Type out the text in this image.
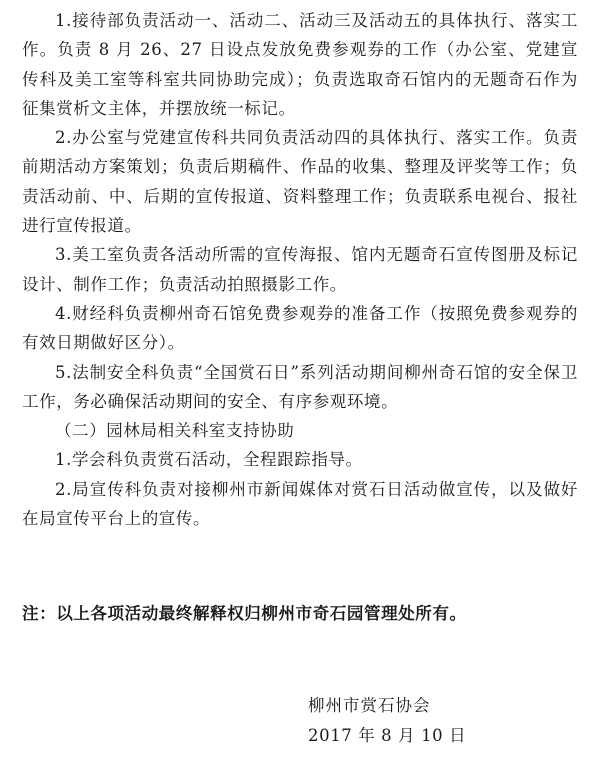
1.接待部负责活动一、活动二、活动三及活动五的具体执行、落实工作。负责 8 月 26、27 日设点发放免费参观券的工作（办公室、党建宣传科及美工室等科室共同协助完成）；负责选取奇石馆内的无题奇石作为征集赏析文主体，并摆放统一标记。

2.办公室与党建宣传科共同负责活动四的具体执行、落实工作。负责前期活动方案策划；负责后期稿件、作品的收集、整理及评奖等工作；负责活动前、中、后期的宣传报道、资料整理工作；负责联系电视台、报社进行宣传报道。

3.美工室负责各活动所需的宣传海报、馆内无题奇石宣传图册及标记设计、制作工作；负责活动拍照摄影工作。

4.财经科负责柳州奇石馆免费参观券的准备工作（按照免费参观券的有效日期做好区分）。

5.法制安全科负责“全国赏石日”系列活动期间柳州奇石馆的安全保卫工作，务必确保活动期间的安全、有序参观环境。

（二）园林局相关科室支持协助

1.学会科负责赏石活动，全程跟踪指导。

2.局宣传科负责对接柳州市新闻媒体对赏石日活动做宣传，以及做好在局宣传平台上的宣传。

注：以上各项活动最终解释权归柳州市奇石园管理处所有。

柳州市赏石协会

2017 年 8 月 10 日
